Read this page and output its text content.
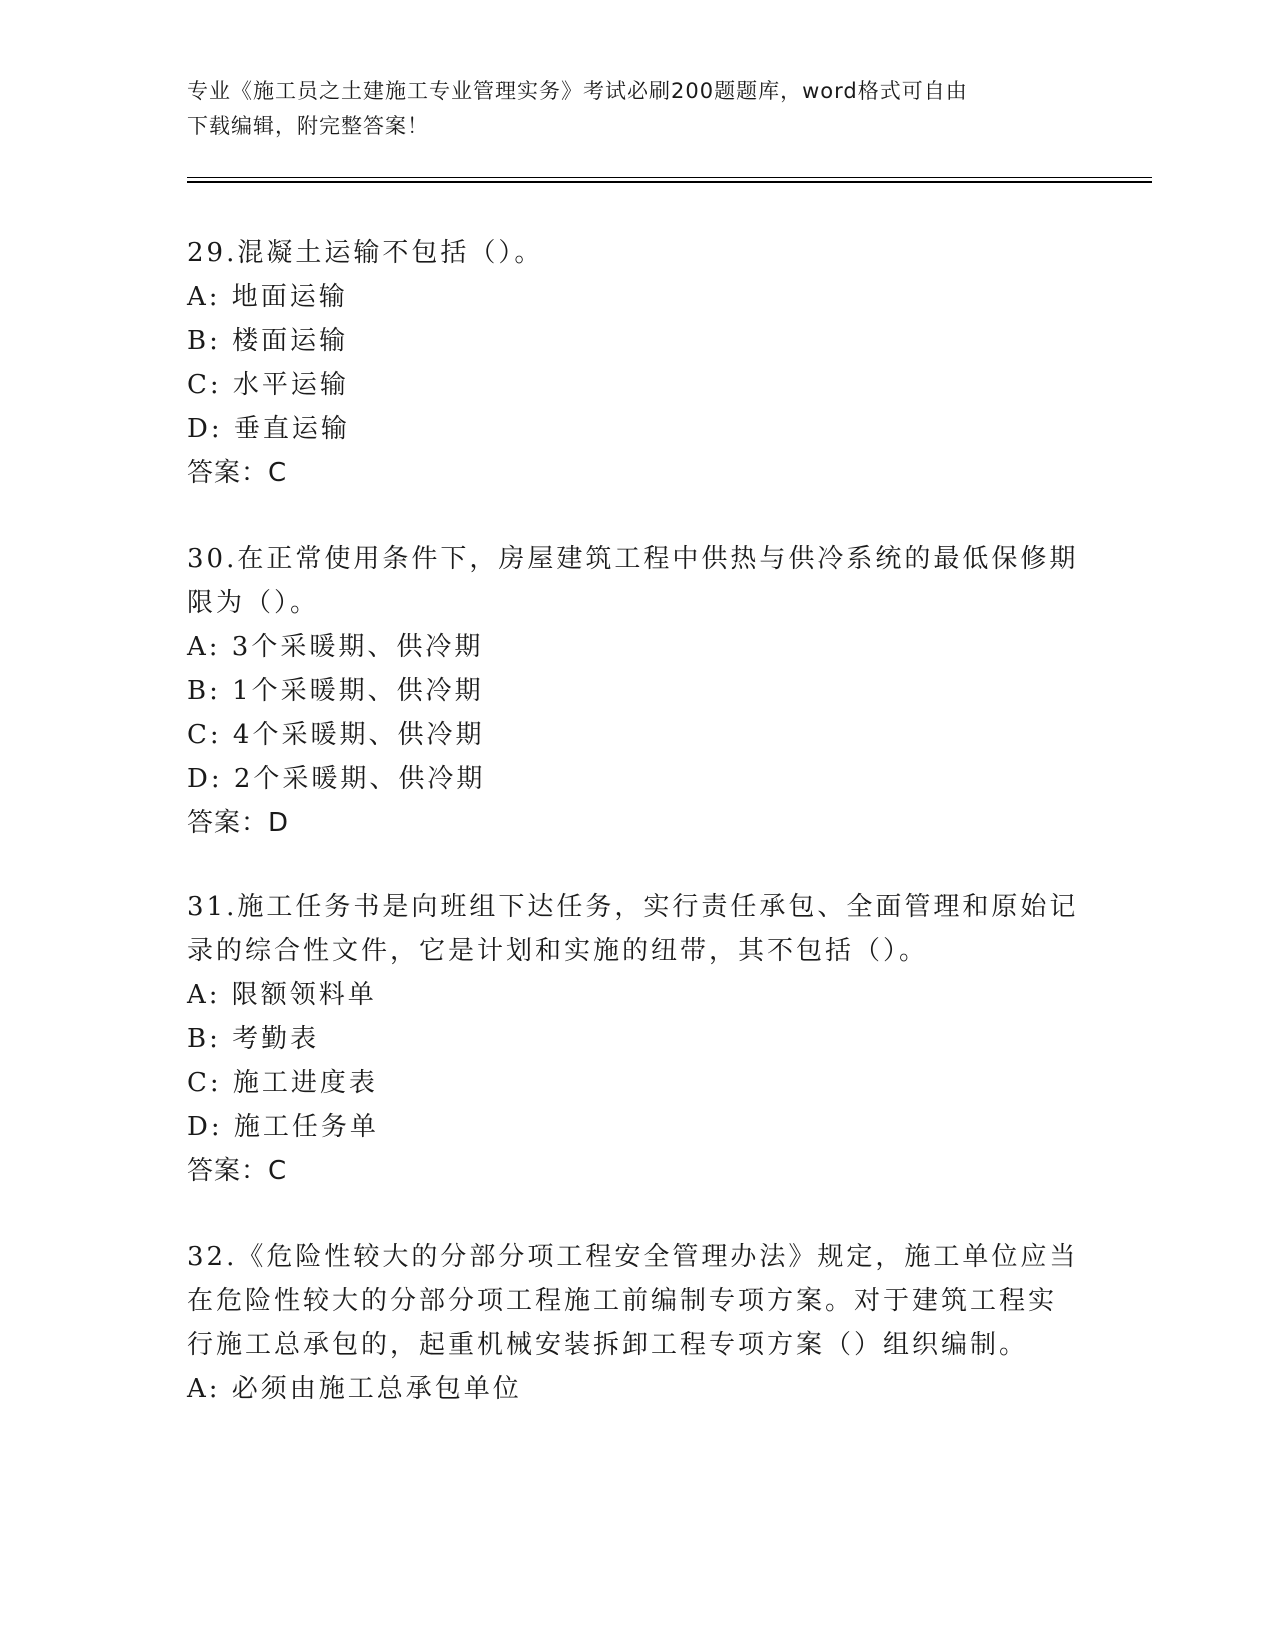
专业《施工员之土建施工专业管理实务》考试必刷200题题库，word格式可自由
下载编辑，附完整答案！
29.混凝土运输不包括（）。
A: 地面运输
B: 楼面运输
C: 水平运输
D: 垂直运输
答案：C
30.在正常使用条件下，房屋建筑工程中供热与供冷系统的最低保修期
限为（）。
A: 3个采暖期、供冷期
B: 1个采暖期、供冷期
C: 4个采暖期、供冷期
D: 2个采暖期、供冷期
答案：D
31.施工任务书是向班组下达任务，实行责任承包、全面管理和原始记
录的综合性文件，它是计划和实施的纽带，其不包括（）。
A: 限额领料单
B: 考勤表
C: 施工进度表
D: 施工任务单
答案：C
32.《危险性较大的分部分项工程安全管理办法》规定，施工单位应当
在危险性较大的分部分项工程施工前编制专项方案。对于建筑工程实
行施工总承包的，起重机械安装拆卸工程专项方案（）组织编制。
A: 必须由施工总承包单位
